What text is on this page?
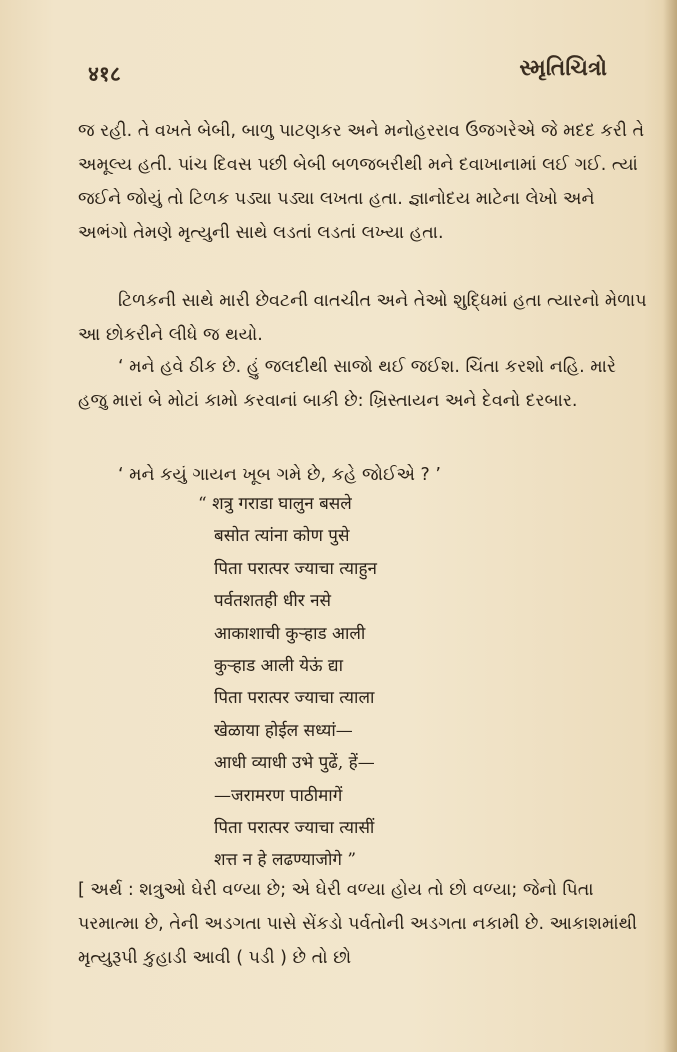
४१८	સ્મૃતિચિત્રો

જ રહી. તે વખતે બેબી, બાળુ પાટણકર અને મનોહરરાવ ઉજગરેએ જે મદદ કરી તે અમૂલ્ય હતી. પાંચ દિવસ પછી બેબી બળજબરીથી મને દવાખાનામાં લઈ ગઈ. ત્યાં જઈને જોયું તો ટિળક પડ્યા પડ્યા લખતા હતા. જ્ઞાનોદય માટેના લેખો અને અભંગો તેમણે મૃત્યુની સાથે લડતાં લડતાં લખ્યા હતા.

ટિળકની સાથે મારી છેવટની વાતચીત અને તેઓ શુદ્ધિમાં હતા ત્યારનો મેળાપ આ છોકરીને લીધે જ થયો.

‘ મને હવે ઠીક છે. હું જલદીથી સાજો થઈ જઈશ. ચિંતા કરશો નહિ. મારે હજુ મારાં બે મોટાં કામો કરવાનાં બાકી છે: ખ્રિસ્તાયન અને દેવનો દરબાર.

‘ મને કયું ગાયન ખૂબ ગમે છે, કહે જોઈએ ? ’

“ शत्रु गराडा घालुन बसले
बसोत त्यांना कोण पुसे
पिता परात्पर ज्याचा त्याहुन
पर्वतशतही धीर नसे
आकाशाची कुऱ्हाड आली
कुऱ्हाड आली येऊं द्या
पिता परात्पर ज्याचा त्याला
खेळाया होईल सध्यां—
आधी व्याधी उभे पुढें, हें—
—जरामरण पाठीमागें
पिता परात्पर ज्याचा त्यासीं
शत्त न हे लढण्याजोगे ”

[ અર્થ : શત્રુઓ ઘેરી વળ્યા છે; એ ઘેરી વળ્યા હોય તો છો વળ્યા; જેનો પિતા પરમાત્મા છે, તેની અડગતા પાસે સેંકડો પર્વતોની અડગતા નકામી છે. આકાશમાંથી મૃત્યુરૂપી કુહાડી આવી ( પડી ) છે તો છો
